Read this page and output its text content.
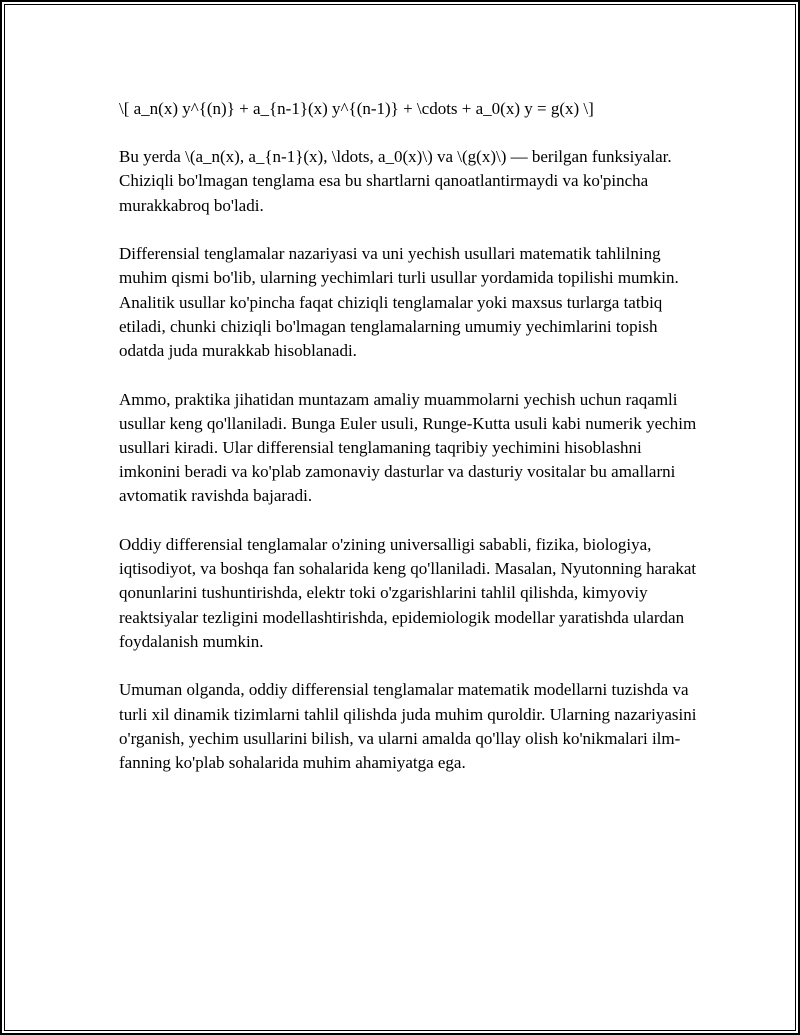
\[ a_n(x) y^{(n)} + a_{n-1}(x) y^{(n-1)} + \cdots + a_0(x) y = g(x) \]

Bu yerda \(a_n(x), a_{n-1}(x), \ldots, a_0(x)\) va \(g(x)\) — berilgan funksiyalar. Chiziqli bo'lmagan tenglama esa bu shartlarni qanoatlantirmaydi va ko'pincha murakkabroq bo'ladi.

Differensial tenglamalar nazariyasi va uni yechish usullari matematik tahlilning muhim qismi bo'lib, ularning yechimlari turli usullar yordamida topilishi mumkin. Analitik usullar ko'pincha faqat chiziqli tenglamalar yoki maxsus turlarga tatbiq etiladi, chunki chiziqli bo'lmagan tenglamalarning umumiy yechimlarini topish odatda juda murakkab hisoblanadi.

Ammo, praktika jihatidan muntazam amaliy muammolarni yechish uchun raqamli usullar keng qo'llaniladi. Bunga Euler usuli, Runge-Kutta usuli kabi numerik yechim usullari kiradi. Ular differensial tenglamaning taqribiy yechimini hisoblashni imkonini beradi va ko'plab zamonaviy dasturlar va dasturiy vositalar bu amallarni avtomatik ravishda bajaradi.

Oddiy differensial tenglamalar o'zining universalligi sababli, fizika, biologiya, iqtisodiyot, va boshqa fan sohalarida keng qo'llaniladi. Masalan, Nyutonning harakat qonunlarini tushuntirishda, elektr toki o'zgarishlarini tahlil qilishda, kimyoviy reaktsiyalar tezligini modellashtirishda, epidemiologik modellar yaratishda ulardan foydalanish mumkin.

Umuman olganda, oddiy differensial tenglamalar matematik modellarni tuzishda va turli xil dinamik tizimlarni tahlil qilishda juda muhim quroldir. Ularning nazariyasini o'rganish, yechim usullarini bilish, va ularni amalda qo'llay olish ko'nikmalari ilm-fanning ko'plab sohalarida muhim ahamiyatga ega.
